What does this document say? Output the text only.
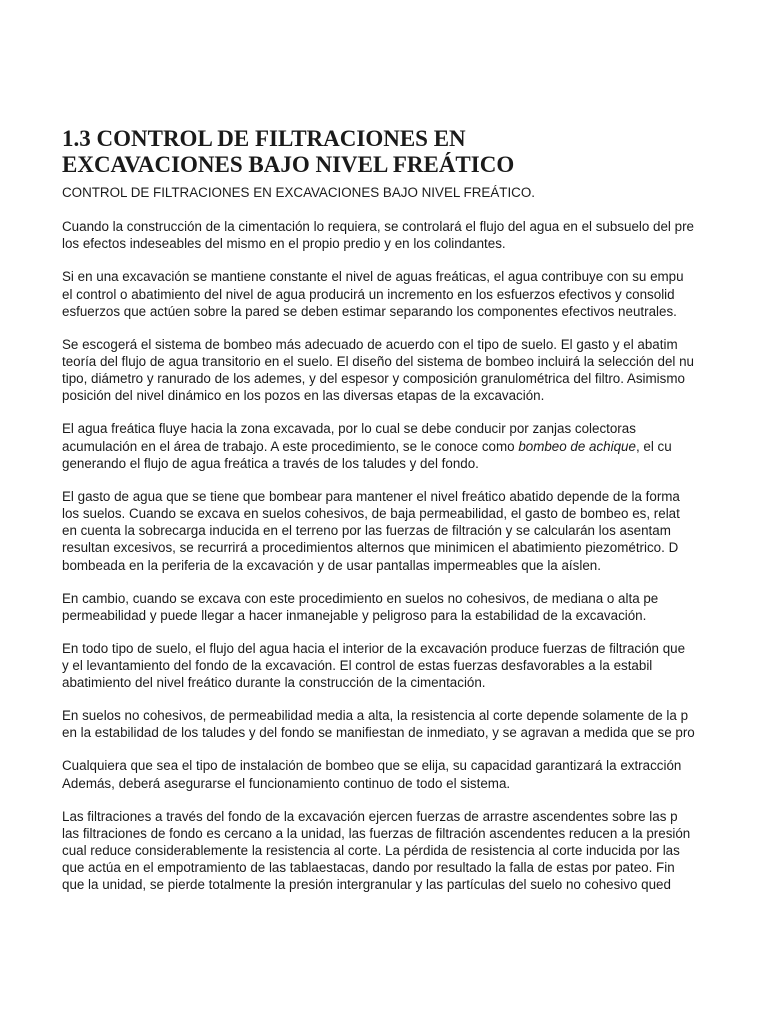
1.3 CONTROL DE FILTRACIONES EN
EXCAVACIONES BAJO NIVEL FREÁTICO

CONTROL DE FILTRACIONES EN EXCAVACIONES BAJO NIVEL FREÁTICO.

Cuando la construcción de la cimentación lo requiera, se controlará el flujo del agua en el subsuelo del pre
los efectos indeseables del mismo en el propio predio y en los colindantes.

Si en una excavación se mantiene constante el nivel de aguas freáticas, el agua contribuye con su empu
el control o abatimiento del nivel de agua producirá un incremento en los esfuerzos efectivos y consolid
esfuerzos que actúen sobre la pared se deben estimar separando los componentes efectivos neutrales.

Se escogerá el sistema de bombeo más adecuado de acuerdo con el tipo de suelo. El gasto y el abatim
teoría del flujo de agua transitorio en el suelo. El diseño del sistema de bombeo incluirá la selección del nu
tipo, diámetro y ranurado de los ademes, y del espesor y composición granulométrica del filtro. Asimismo
posición del nivel dinámico en los pozos en las diversas etapas de la excavación.

El agua freática fluye hacia la zona excavada, por lo cual se debe conducir por zanjas colectoras
acumulación en el área de trabajo. A este procedimiento, se le conoce como bombeo de achique, el cu
generando el flujo de agua freática a través de los taludes y del fondo.

El gasto de agua que se tiene que bombear para mantener el nivel freático abatido depende de la forma
los suelos. Cuando se excava en suelos cohesivos, de baja permeabilidad, el gasto de bombeo es, relat
en cuenta la sobrecarga inducida en el terreno por las fuerzas de filtración y se calcularán los asentam
resultan excesivos, se recurrirá a procedimientos alternos que minimicen el abatimiento piezométrico. D
bombeada en la periferia de la excavación y de usar pantallas impermeables que la aíslen.

En cambio, cuando se excava con este procedimiento en suelos no cohesivos, de mediana o alta pe
permeabilidad y puede llegar a hacer inmanejable y peligroso para la estabilidad de la excavación.

En todo tipo de suelo, el flujo del agua hacia el interior de la excavación produce fuerzas de filtración que
y el levantamiento del fondo de la excavación. El control de estas fuerzas desfavorables a la estabil
abatimiento del nivel freático durante la construcción de la cimentación.

En suelos no cohesivos, de permeabilidad media a alta, la resistencia al corte depende solamente de la p
en la estabilidad de los taludes y del fondo se manifiestan de inmediato, y se agravan a medida que se pro

Cualquiera que sea el tipo de instalación de bombeo que se elija, su capacidad garantizará la extracción
Además, deberá asegurarse el funcionamiento continuo de todo el sistema.

Las filtraciones a través del fondo de la excavación ejercen fuerzas de arrastre ascendentes sobre las p
las filtraciones de fondo es cercano a la unidad, las fuerzas de filtración ascendentes reducen a la presión
cual reduce considerablemente la resistencia al corte. La pérdida de resistencia al corte inducida por las
que actúa en el empotramiento de las tablaestacas, dando por resultado la falla de estas por pateo. Fin
que la unidad, se pierde totalmente la presión intergranular y las partículas del suelo no cohesivo qued
